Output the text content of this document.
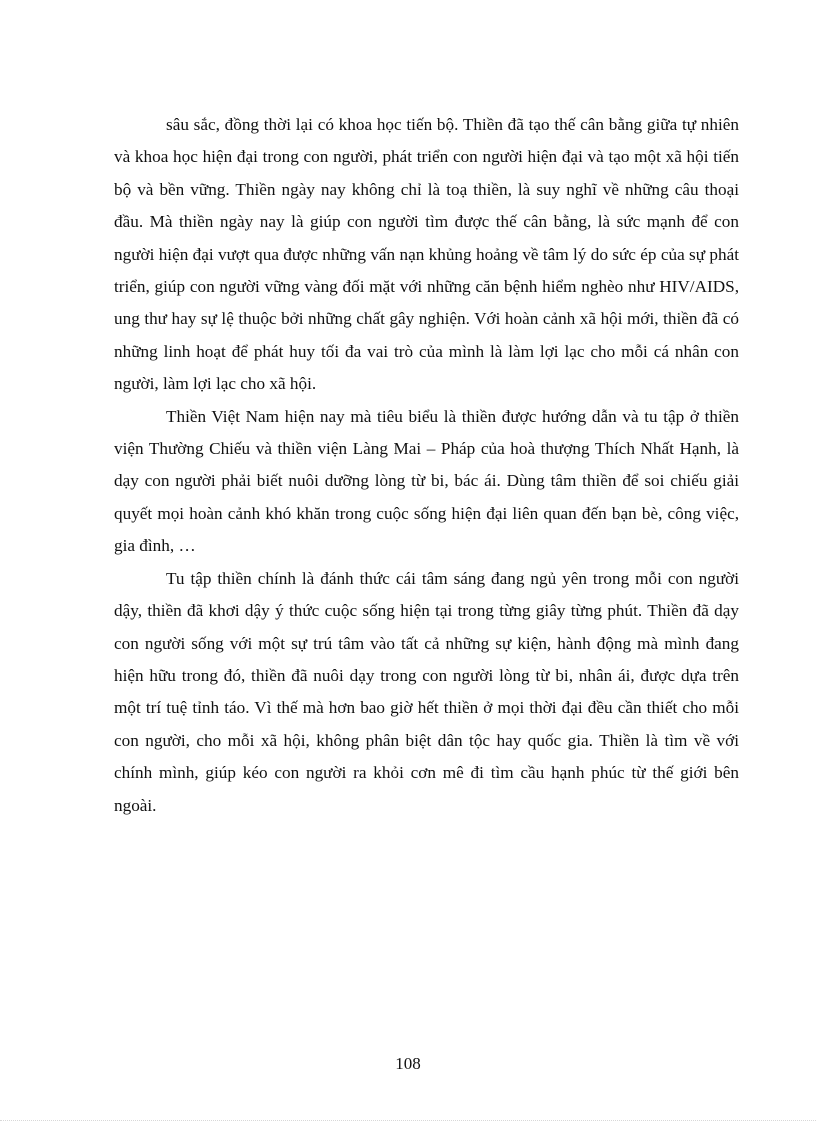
sâu sắc, đồng thời lại có khoa học tiến bộ. Thiền đã tạo thế cân bằng giữa tự nhiên và khoa học hiện đại trong con người, phát triển con người hiện đại và tạo một xã hội tiến bộ và bền vững. Thiền ngày nay không chỉ là toạ thiền, là suy nghĩ về những câu thoại đầu. Mà thiền ngày nay là giúp con người tìm được thế cân bằng, là sức mạnh để con người hiện đại vượt qua được những vấn nạn khủng hoảng về tâm lý do sức ép của sự phát triển, giúp con người vững vàng đối mặt với những căn bệnh hiểm nghèo như HIV/AIDS, ung thư hay sự lệ thuộc bởi những chất gây nghiện. Với hoàn cảnh xã hội mới, thiền đã có những linh hoạt để phát huy tối đa vai trò của mình là làm lợi lạc cho mỗi cá nhân con người, làm lợi lạc cho xã hội.

Thiền Việt Nam hiện nay mà tiêu biểu là thiền được hướng dẫn và tu tập ở thiền viện Thường Chiếu và thiền viện Làng Mai – Pháp của hoà thượng Thích Nhất Hạnh, là dạy con người phải biết nuôi dưỡng lòng từ bi, bác ái. Dùng tâm thiền để soi chiếu giải quyết mọi hoàn cảnh khó khăn trong cuộc sống hiện đại liên quan đến bạn bè, công việc, gia đình, …

Tu tập thiền chính là đánh thức cái tâm sáng đang ngủ yên trong mỗi con người dậy, thiền đã khơi dậy ý thức cuộc sống hiện tại trong từng giây từng phút. Thiền đã dạy con người sống với một sự trú tâm vào tất cả những sự kiện, hành động mà mình đang hiện hữu trong đó, thiền đã nuôi dạy trong con người lòng từ bi, nhân ái, được dựa trên một trí tuệ tỉnh táo. Vì thế mà hơn bao giờ hết thiền ở mọi thời đại đều cần thiết cho mỗi con người, cho mỗi xã hội, không phân biệt dân tộc hay quốc gia. Thiền là tìm về với chính mình, giúp kéo con người ra khỏi cơn mê đi tìm cầu hạnh phúc từ thế giới bên ngoài.

108
